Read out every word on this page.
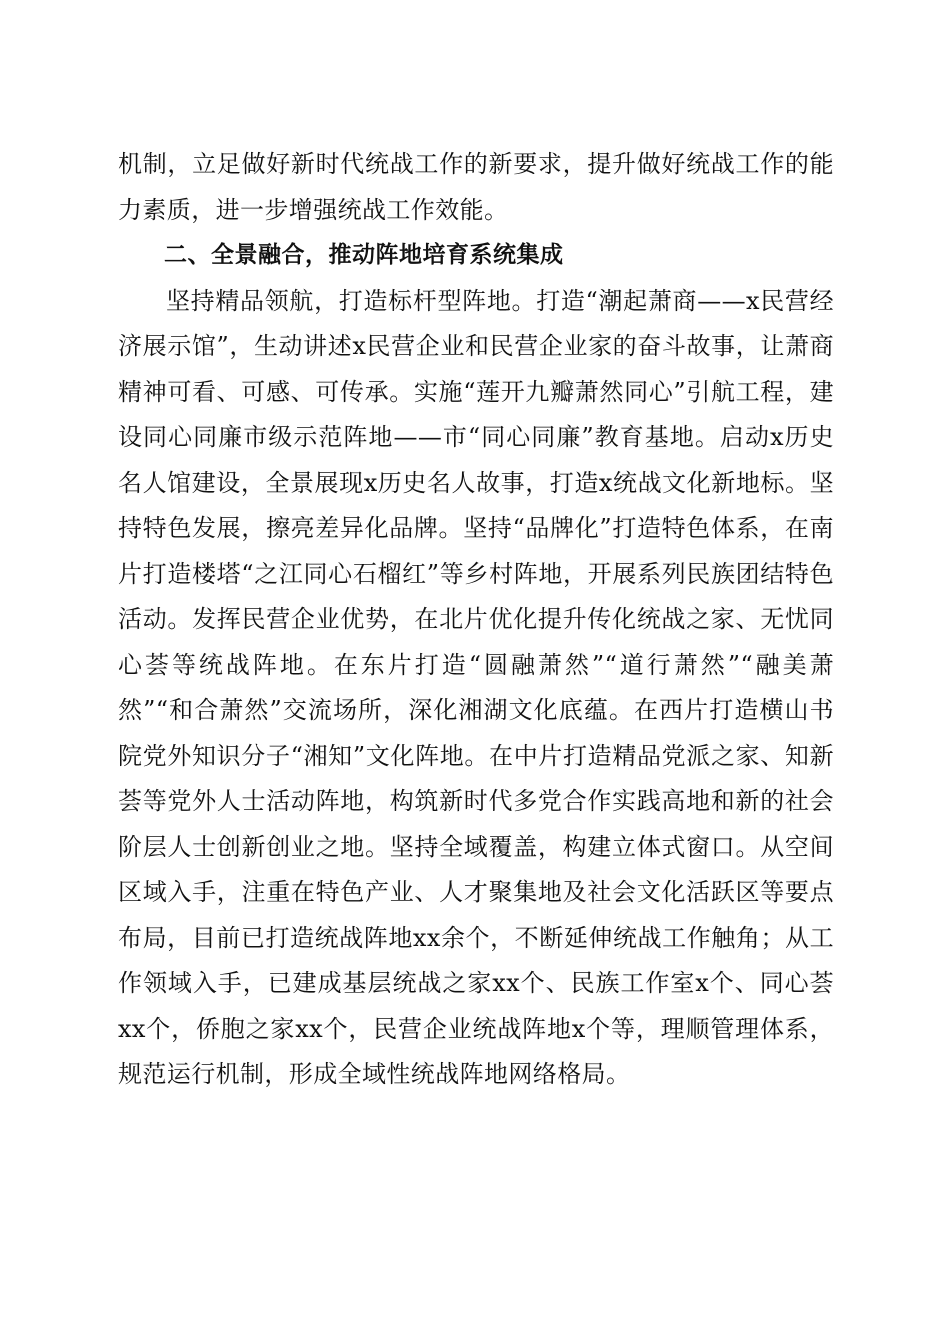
机制，立足做好新时代统战工作的新要求，提升做好统战工作的能力素质，进一步增强统战工作效能。

二、全景融合，推动阵地培育系统集成

坚持精品领航，打造标杆型阵地。打造“潮起萧商——x民营经济展示馆”，生动讲述x民营企业和民营企业家的奋斗故事，让萧商精神可看、可感、可传承。实施“莲开九瓣萧然同心”引航工程，建设同心同廉市级示范阵地——市“同心同廉”教育基地。启动x历史名人馆建设，全景展现x历史名人故事，打造x统战文化新地标。坚持特色发展，擦亮差异化品牌。坚持“品牌化”打造特色体系，在南片打造楼塔“之江同心石榴红”等乡村阵地，开展系列民族团结特色活动。发挥民营企业优势，在北片优化提升传化统战之家、无忧同心荟等统战阵地。在东片打造“圆融萧然”“道行萧然”“融美萧然”“和合萧然”交流场所，深化湘湖文化底蕴。在西片打造横山书院党外知识分子“湘知”文化阵地。在中片打造精品党派之家、知新荟等党外人士活动阵地，构筑新时代多党合作实践高地和新的社会阶层人士创新创业之地。坚持全域覆盖，构建立体式窗口。从空间区域入手，注重在特色产业、人才聚集地及社会文化活跃区等要点布局，目前已打造统战阵地xx余个，不断延伸统战工作触角；从工作领域入手，已建成基层统战之家xx个、民族工作室x个、同心荟xx个，侨胞之家xx个，民营企业统战阵地x个等，理顺管理体系，规范运行机制，形成全域性统战阵地网络格局。
